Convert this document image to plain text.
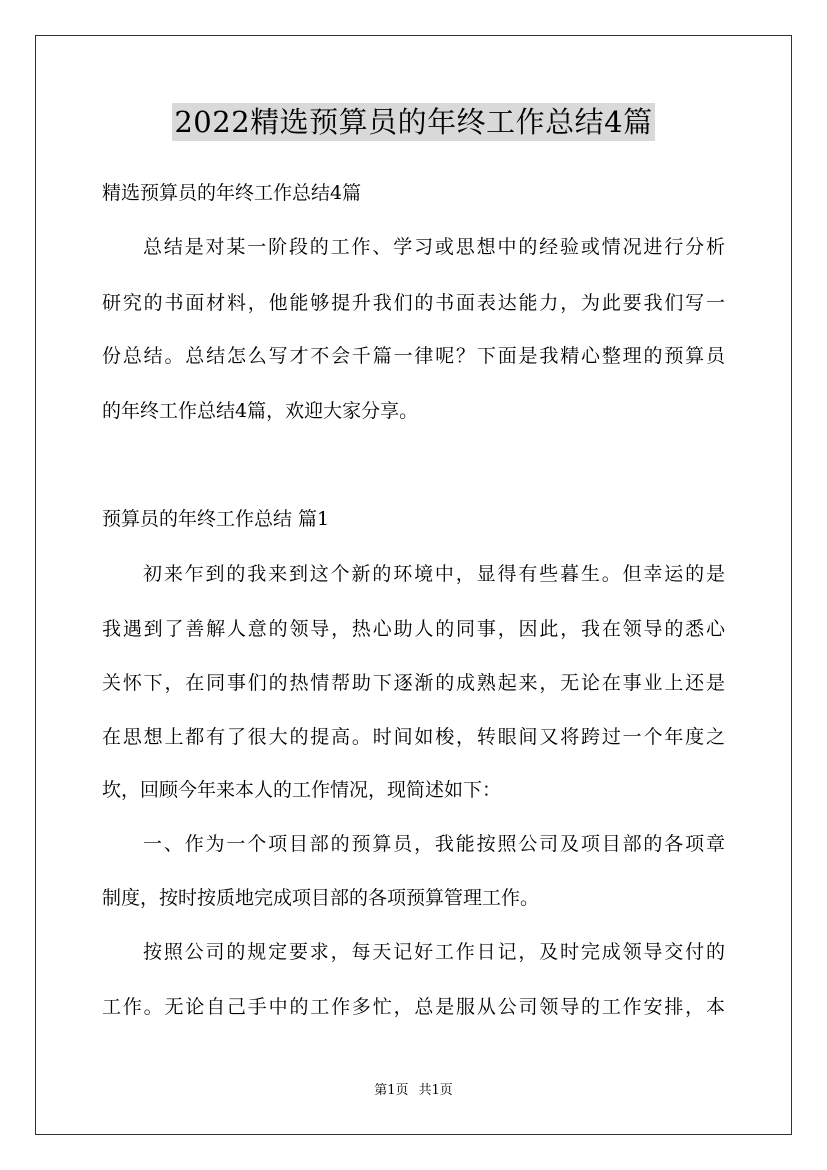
2022精选预算员的年终工作总结4篇
精选预算员的年终工作总结4篇
总结是对某一阶段的工作、学习或思想中的经验或情况进行分析
研究的书面材料，他能够提升我们的书面表达能力，为此要我们写一
份总结。总结怎么写才不会千篇一律呢？下面是我精心整理的预算员
的年终工作总结4篇，欢迎大家分享。
预算员的年终工作总结 篇1
初来乍到的我来到这个新的环境中，显得有些暮生。但幸运的是
我遇到了善解人意的领导，热心助人的同事，因此，我在领导的悉心
关怀下，在同事们的热情帮助下逐渐的成熟起来，无论在事业上还是
在思想上都有了很大的提高。时间如梭，转眼间又将跨过一个年度之
坎，回顾今年来本人的工作情况，现简述如下：
一、作为一个项目部的预算员，我能按照公司及项目部的各项章
制度，按时按质地完成项目部的各项预算管理工作。
按照公司的规定要求，每天记好工作日记，及时完成领导交付的
工作。无论自己手中的工作多忙，总是服从公司领导的工作安排，本
第1页 共1页
